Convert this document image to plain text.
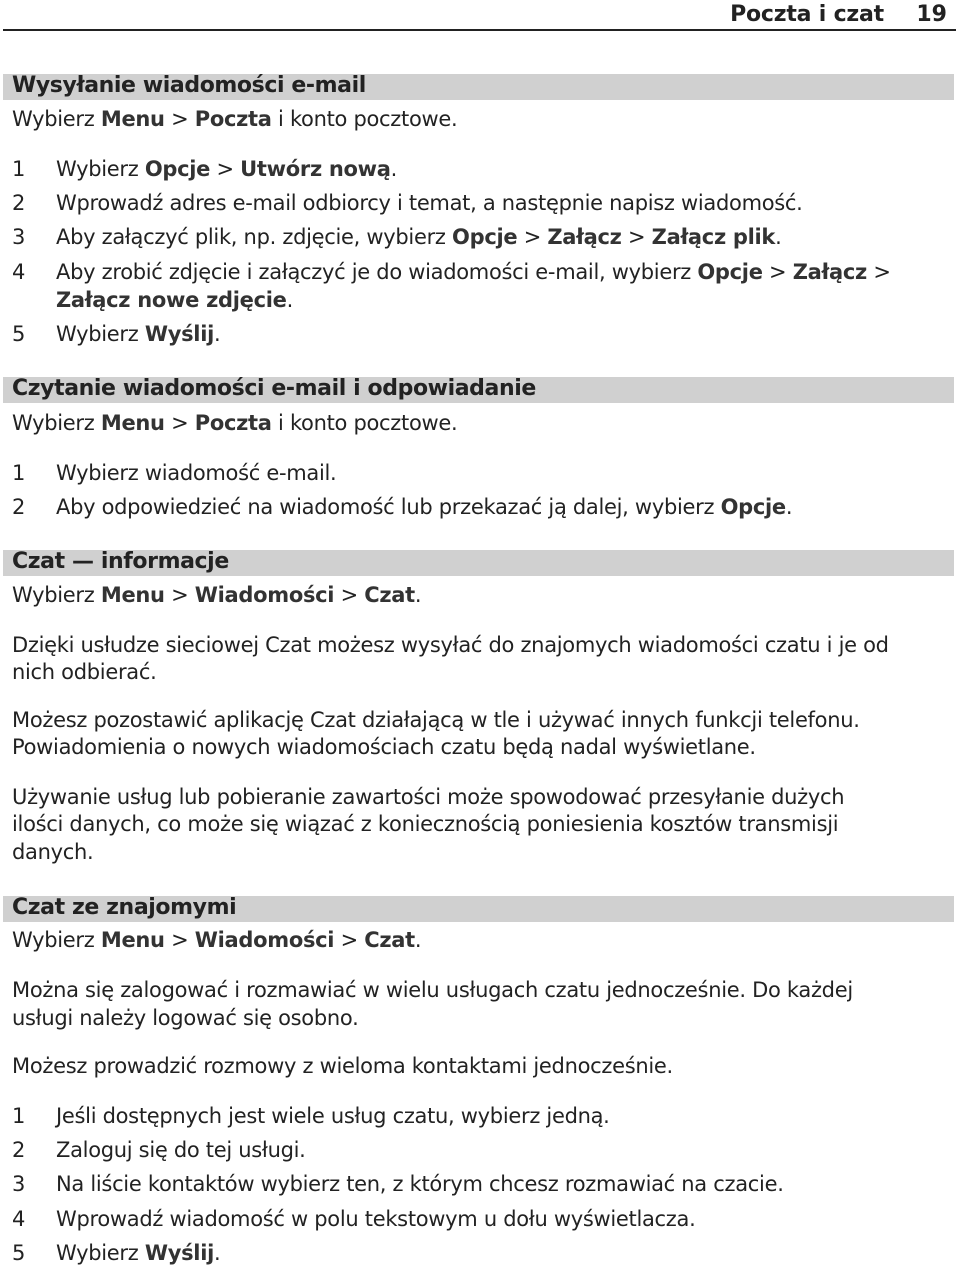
Poczta i czat 19
Wysyłanie wiadomości e-mail
Wybierz Menu > Poczta i konto pocztowe.
1 Wybierz Opcje > Utwórz nową.
2 Wprowadź adres e-mail odbiorcy i temat, a następnie napisz wiadomość.
3 Aby załączyć plik, np. zdjęcie, wybierz Opcje > Załącz > Załącz plik.
4 Aby zrobić zdjęcie i załączyć je do wiadomości e-mail, wybierz Opcje > Załącz >
Załącz nowe zdjęcie.
5 Wybierz Wyślij.
Czytanie wiadomości e-mail i odpowiadanie
Wybierz Menu > Poczta i konto pocztowe.
1 Wybierz wiadomość e-mail.
2 Aby odpowiedzieć na wiadomość lub przekazać ją dalej, wybierz Opcje.
Czat — informacje
Wybierz Menu > Wiadomości > Czat.
Dzięki usłudze sieciowej Czat możesz wysyłać do znajomych wiadomości czatu i je od
nich odbierać.
Możesz pozostawić aplikację Czat działającą w tle i używać innych funkcji telefonu.
Powiadomienia o nowych wiadomościach czatu będą nadal wyświetlane.
Używanie usług lub pobieranie zawartości może spowodować przesyłanie dużych
ilości danych, co może się wiązać z koniecznością poniesienia kosztów transmisji
danych.
Czat ze znajomymi
Wybierz Menu > Wiadomości > Czat.
Można się zalogować i rozmawiać w wielu usługach czatu jednocześnie. Do każdej
usługi należy logować się osobno.
Możesz prowadzić rozmowy z wieloma kontaktami jednocześnie.
1 Jeśli dostępnych jest wiele usług czatu, wybierz jedną.
2 Zaloguj się do tej usługi.
3 Na liście kontaktów wybierz ten, z którym chcesz rozmawiać na czacie.
4 Wprowadź wiadomość w polu tekstowym u dołu wyświetlacza.
5 Wybierz Wyślij.
